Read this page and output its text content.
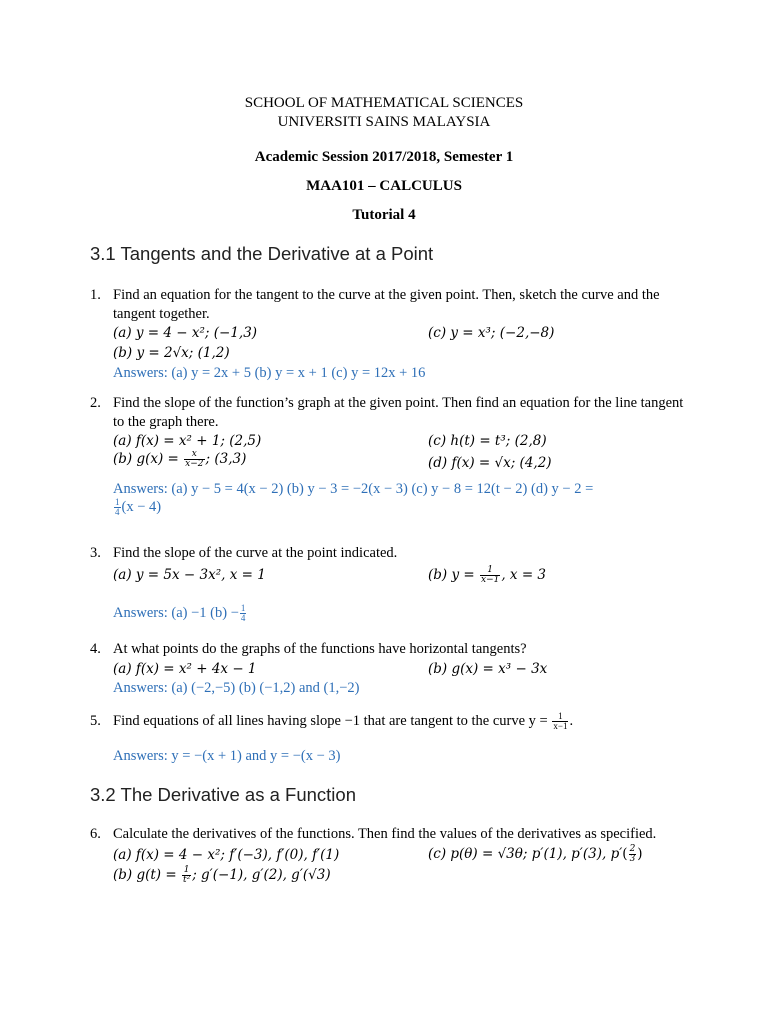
SCHOOL OF MATHEMATICAL SCIENCES
UNIVERSITI SAINS MALAYSIA
Academic Session 2017/2018, Semester 1
MAA101 – CALCULUS
Tutorial 4
3.1 Tangents and the Derivative at a Point
1. Find an equation for the tangent to the curve at the given point. Then, sketch the curve and the tangent together.
(a) y = 4 − x²; (−1,3)	(c) y = x³; (−2,−8)
(b) y = 2√x; (1,2)
Answers: (a) y = 2x + 5 (b) y = x + 1 (c) y = 12x + 16
2. Find the slope of the function’s graph at the given point. Then find an equation for the line tangent to the graph there.
(a) f(x) = x² + 1; (2,5)	(c) h(t) = t³; (2,8)
(b) $g(x) = \frac{x}{x-2}$ ; (3,3)	(d) f(x) = √x; (4,2)
Answers: (a) y − 5 = 4(x − 2) (b) y − 3 = −2(x − 3) (c) y − 8 = 12(t − 2) (d) y − 2 =
$\frac{1}{4} (x - 4)$
3. Find the slope of the curve at the point indicated.
(a) y = 5x − 3x², x = 1	(b) $y = \frac{1}{x-1}$ , x = 3
Answers: (a) −1 $(b) - \frac{1}{4}$
4. At what points do the graphs of the functions have horizontal tangents?
(a) f(x) = x² + 4x − 1	(b) g(x) = x³ − 3x
Answers: (a) (−2,−5) (b) (−1,2) and (1,−2)
5. Find equations of all lines having slope −1 that are tangent to the curve $y = \frac{1}{x-1}$ .
Answers: y = −(x + 1) and y = −(x − 3)
3.2 The Derivative as a Function
6. Calculate the derivatives of the functions. Then find the values of the derivatives as specified.
(a) f(x) = 4 − x²; f′(−3), f′(0), f′(1)	(c) p(θ) = √3θ; p′(1), p′(3), $p'( \frac{2}{3}$ )
(b) $g(t) = \frac{1}{\text{t²}}$ ; g′(−1), g′(2), g′(√3)
